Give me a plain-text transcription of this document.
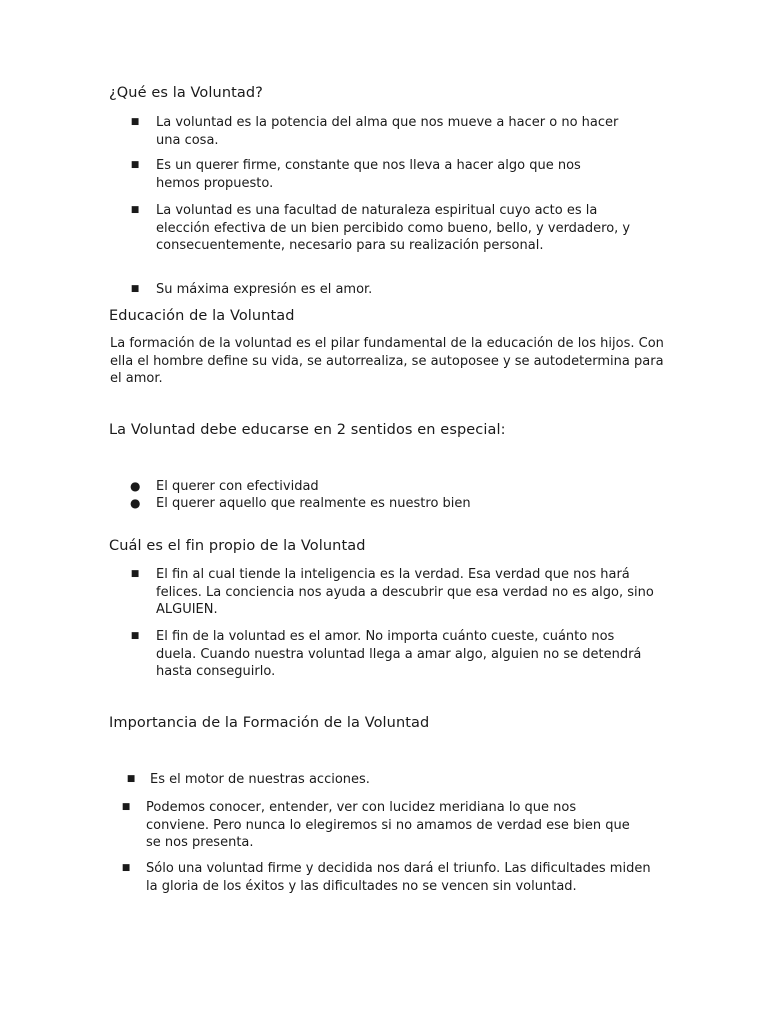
¿Qué es la Voluntad?
■ La voluntad es la potencia del alma que nos mueve a hacer o no hacer una cosa.
■ Es un querer firme, constante que nos lleva a hacer algo que nos hemos propuesto.
■ La voluntad es una facultad de naturaleza espiritual cuyo acto es la elección efectiva de un bien percibido como bueno, bello, y verdadero, y consecuentemente, necesario para su realización personal.
■ Su máxima expresión es el amor.
Educación de la Voluntad

La formación de la voluntad es el pilar fundamental de la educación de los hijos. Con ella el hombre define su vida, se autorrealiza, se autoposee y se autodetermina para el amor.

La Voluntad debe educarse en 2 sentidos en especial:
● El querer con efectividad
● El querer aquello que realmente es nuestro bien
Cuál es el fin propio de la Voluntad
■ El fin al cual tiende la inteligencia es la verdad. Esa verdad que nos hará felices. La conciencia nos ayuda a descubrir que esa verdad no es algo, sino ALGUIEN.
■ El fin de la voluntad es el amor. No importa cuánto cueste, cuánto nos duela. Cuando nuestra voluntad llega a amar algo, alguien no se detendrá hasta conseguirlo.
Importancia de la Formación de la Voluntad
■ Es el motor de nuestras acciones.
■ Podemos conocer, entender, ver con lucidez meridiana lo que nos conviene. Pero nunca lo elegiremos si no amamos de verdad ese bien que se nos presenta.
■ Sólo una voluntad firme y decidida nos dará el triunfo. Las dificultades miden la gloria de los éxitos y las dificultades no se vencen sin voluntad.
